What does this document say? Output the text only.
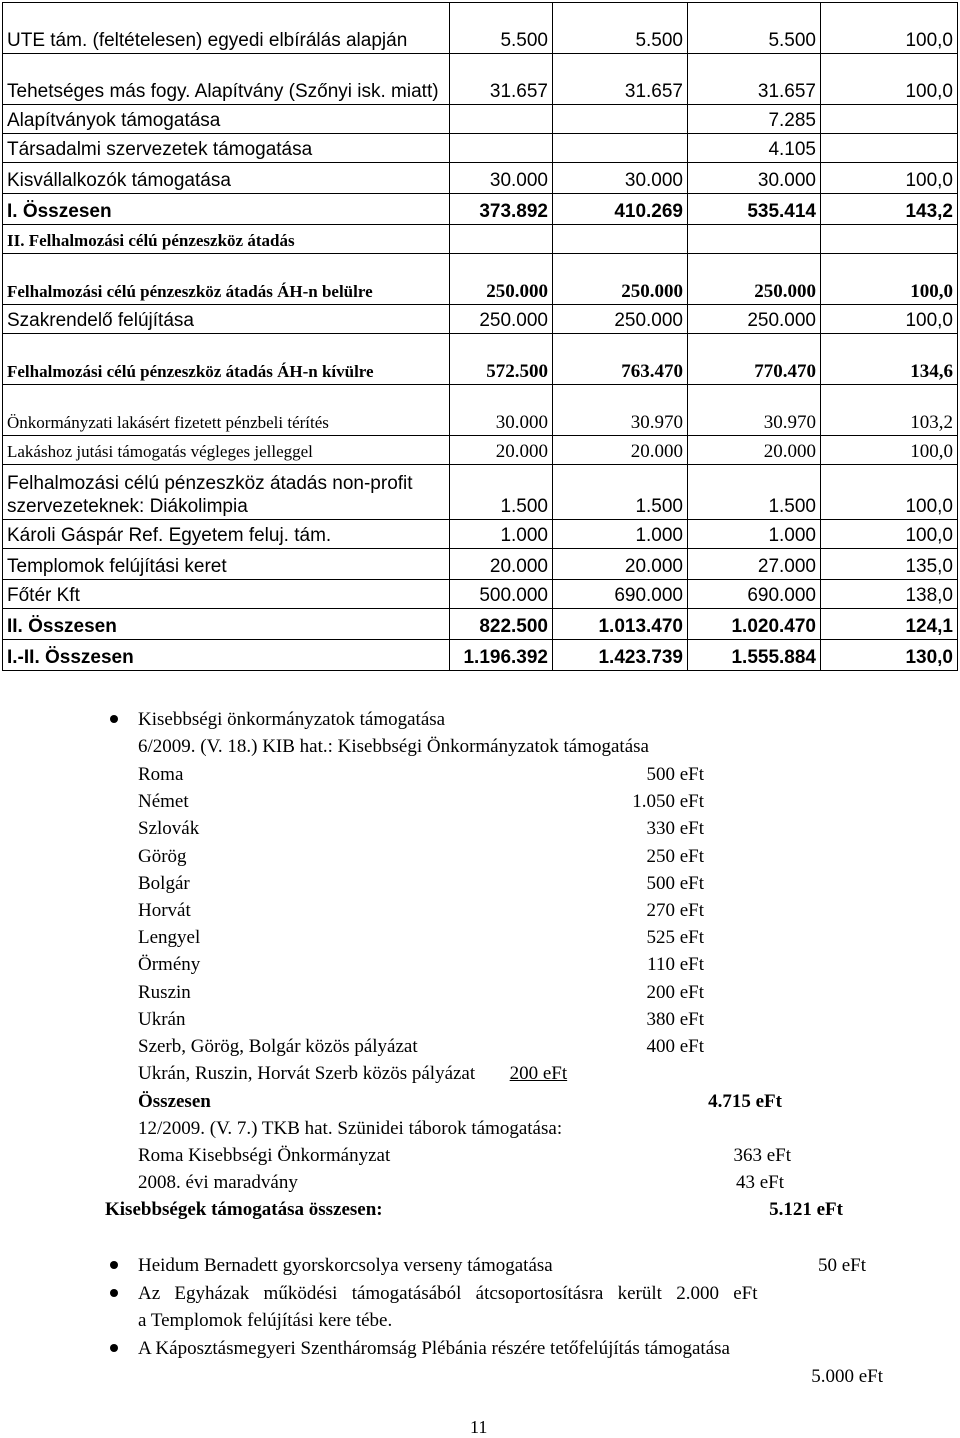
UTE tám. (feltételesen) egyedi elbírálás alapján	5.500	5.500	5.500	100,0
Tehetséges más fogy. Alapítvány (Szőnyi isk. miatt)	31.657	31.657	31.657	100,0
Alapítványok támogatása			7.285	
Társadalmi szervezetek támogatása			4.105	
Kisvállalkozók támogatása	30.000	30.000	30.000	100,0
I. Összesen	373.892	410.269	535.414	143,2
II. Felhalmozási célú pénzeszköz átadás				
Felhalmozási célú pénzeszköz átadás ÁH-n belülre	250.000	250.000	250.000	100,0
Szakrendelő felújítása	250.000	250.000	250.000	100,0
Felhalmozási célú pénzeszköz átadás ÁH-n kívülre	572.500	763.470	770.470	134,6
Önkormányzati lakásért fizetett pénzbeli térítés	30.000	30.970	30.970	103,2
Lakáshoz jutási támogatás végleges jelleggel	20.000	20.000	20.000	100,0
Felhalmozási célú pénzeszköz átadás non-profit szervezeteknek: Diákolimpia	1.500	1.500	1.500	100,0
Károli Gáspár Ref. Egyetem feluj. tám.	1.000	1.000	1.000	100,0
Templomok felújítási keret	20.000	20.000	27.000	135,0
Főtér Kft	500.000	690.000	690.000	138,0
II. Összesen	822.500	1.013.470	1.020.470	124,1
I.-II. Összesen	1.196.392	1.423.739	1.555.884	130,0
Kisebbségi önkormányzatok támogatása
6/2009. (V. 18.) KIB hat.: Kisebbségi Önkormányzatok támogatása
Roma	500 eFt
Német	1.050 eFt
Szlovák	330 eFt
Görög	250 eFt
Bolgár	500 eFt
Horvát	270 eFt
Lengyel	525 eFt
Örmény	110 eFt
Ruszin	200 eFt
Ukrán	380 eFt
Szerb, Görög, Bolgár közös pályázat	400 eFt
Ukrán, Ruszin, Horvát Szerb közös pályázat 200 eFt
Összesen	4.715 eFt
12/2009. (V. 7.) TKB hat. Szünidei táborok támogatása:
Roma Kisebbségi Önkormányzat	363 eFt
2008. évi maradvány	43 eFt
Kisebbségek támogatása összesen:	5.121 eFt
Heidum Bernadett gyorskorcsolya verseny támogatása	50 eFt
Az   Egyházak   működési   támogatásából   átcsoportosításra   került   2.000   eFt
a Templomok felújítási kere tébe.
A Káposztásmegyeri Szentháromság Plébánia részére tetőfelújítás támogatása
5.000 eFt
11
